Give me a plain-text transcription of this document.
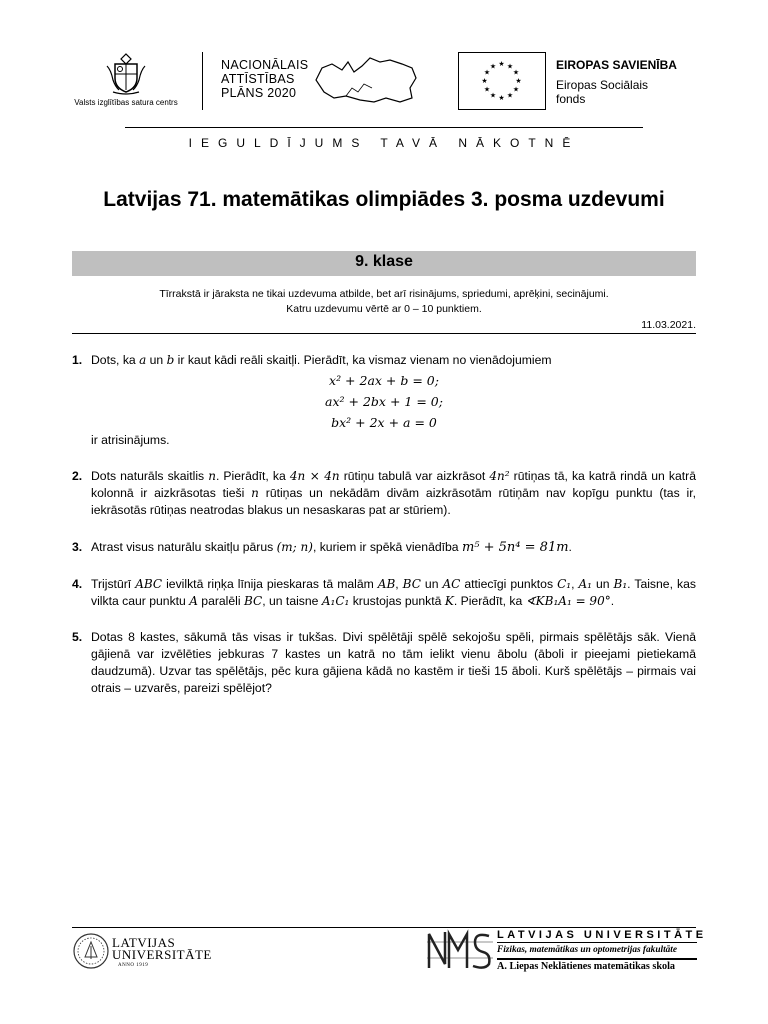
Valsts izglītības satura centrs
NACIONĀLAIS
ATTĪSTĪBAS
PLĀNS 2020
★ ★
★
★
★
★
★
★
★
★
★
★	EIROPAS SAVIENĪBA
Eiropas Sociālais
fonds
IEGULDĪJUMS TAVĀ NĀKOTNĒ
Latvijas 71. matemātikas olimpiādes 3. posma uzdevumi
9. klase
Tīrrakstā ir jāraksta ne tikai uzdevuma atbilde, bet arī risinājums, spriedumi, aprēķini, secinājumi.
Katru uzdevumu vērtē ar 0 – 10 punktiem.
11.03.2021.
1. Dots, ka a un b ir kaut kādi reāli skaitļi. Pierādīt, ka vismaz vienam no vienādojumiem
x² + 2ax + b = 0;
ax² + 2bx + 1 = 0;
bx² + 2x + a = 0
ir atrisinājums.
2. Dots naturāls skaitlis n. Pierādīt, ka 4n × 4n rūtiņu tabulā var aizkrāsot 4n² rūtiņas tā, ka katrā rindā un katrā kolonnā ir aizkrāsotas tieši n rūtiņas un nekādām divām aizkrāsotām rūtiņām nav kopīgu punktu (tas ir, iekrāsotās rūtiņas neatrodas blakus un nesaskaras pat ar stūriem).
3. Atrast visus naturālu skaitļu pārus (m; n), kuriem ir spēkā vienādība m⁵ + 5n⁴ = 81m.
4. Trijstūrī ABC ievilktā riņķa līnija pieskaras tā malām AB, BC un AC attiecīgi punktos C₁, A₁ un B₁. Taisne, kas vilkta caur punktu A paralēli BC, un taisne A₁C₁ krustojas punktā K. Pierādīt, ka ∢KB₁A₁ = 90°.
5. Dotas 8 kastes, sākumā tās visas ir tukšas. Divi spēlētāji spēlē sekojošu spēli, pirmais spēlētājs sāk. Vienā gājienā var izvēlēties jebkuras 7 kastes un katrā no tām ielikt vienu ābolu (āboli ir pieejami pietiekamā daudzumā). Uzvar tas spēlētājs, pēc kura gājiena kādā no kastēm ir tieši 15 āboli. Kurš spēlētājs – pirmais vai otrais – uzvarēs, pareizi spēlējot?
LATVIJAS
UNIVERSITĀTE
ANNO 1919
LATVIJAS UNIVERSITĀTE
Fizikas, matemātikas un optometrijas fakultāte
A. Liepas Neklātienes matemātikas skola
